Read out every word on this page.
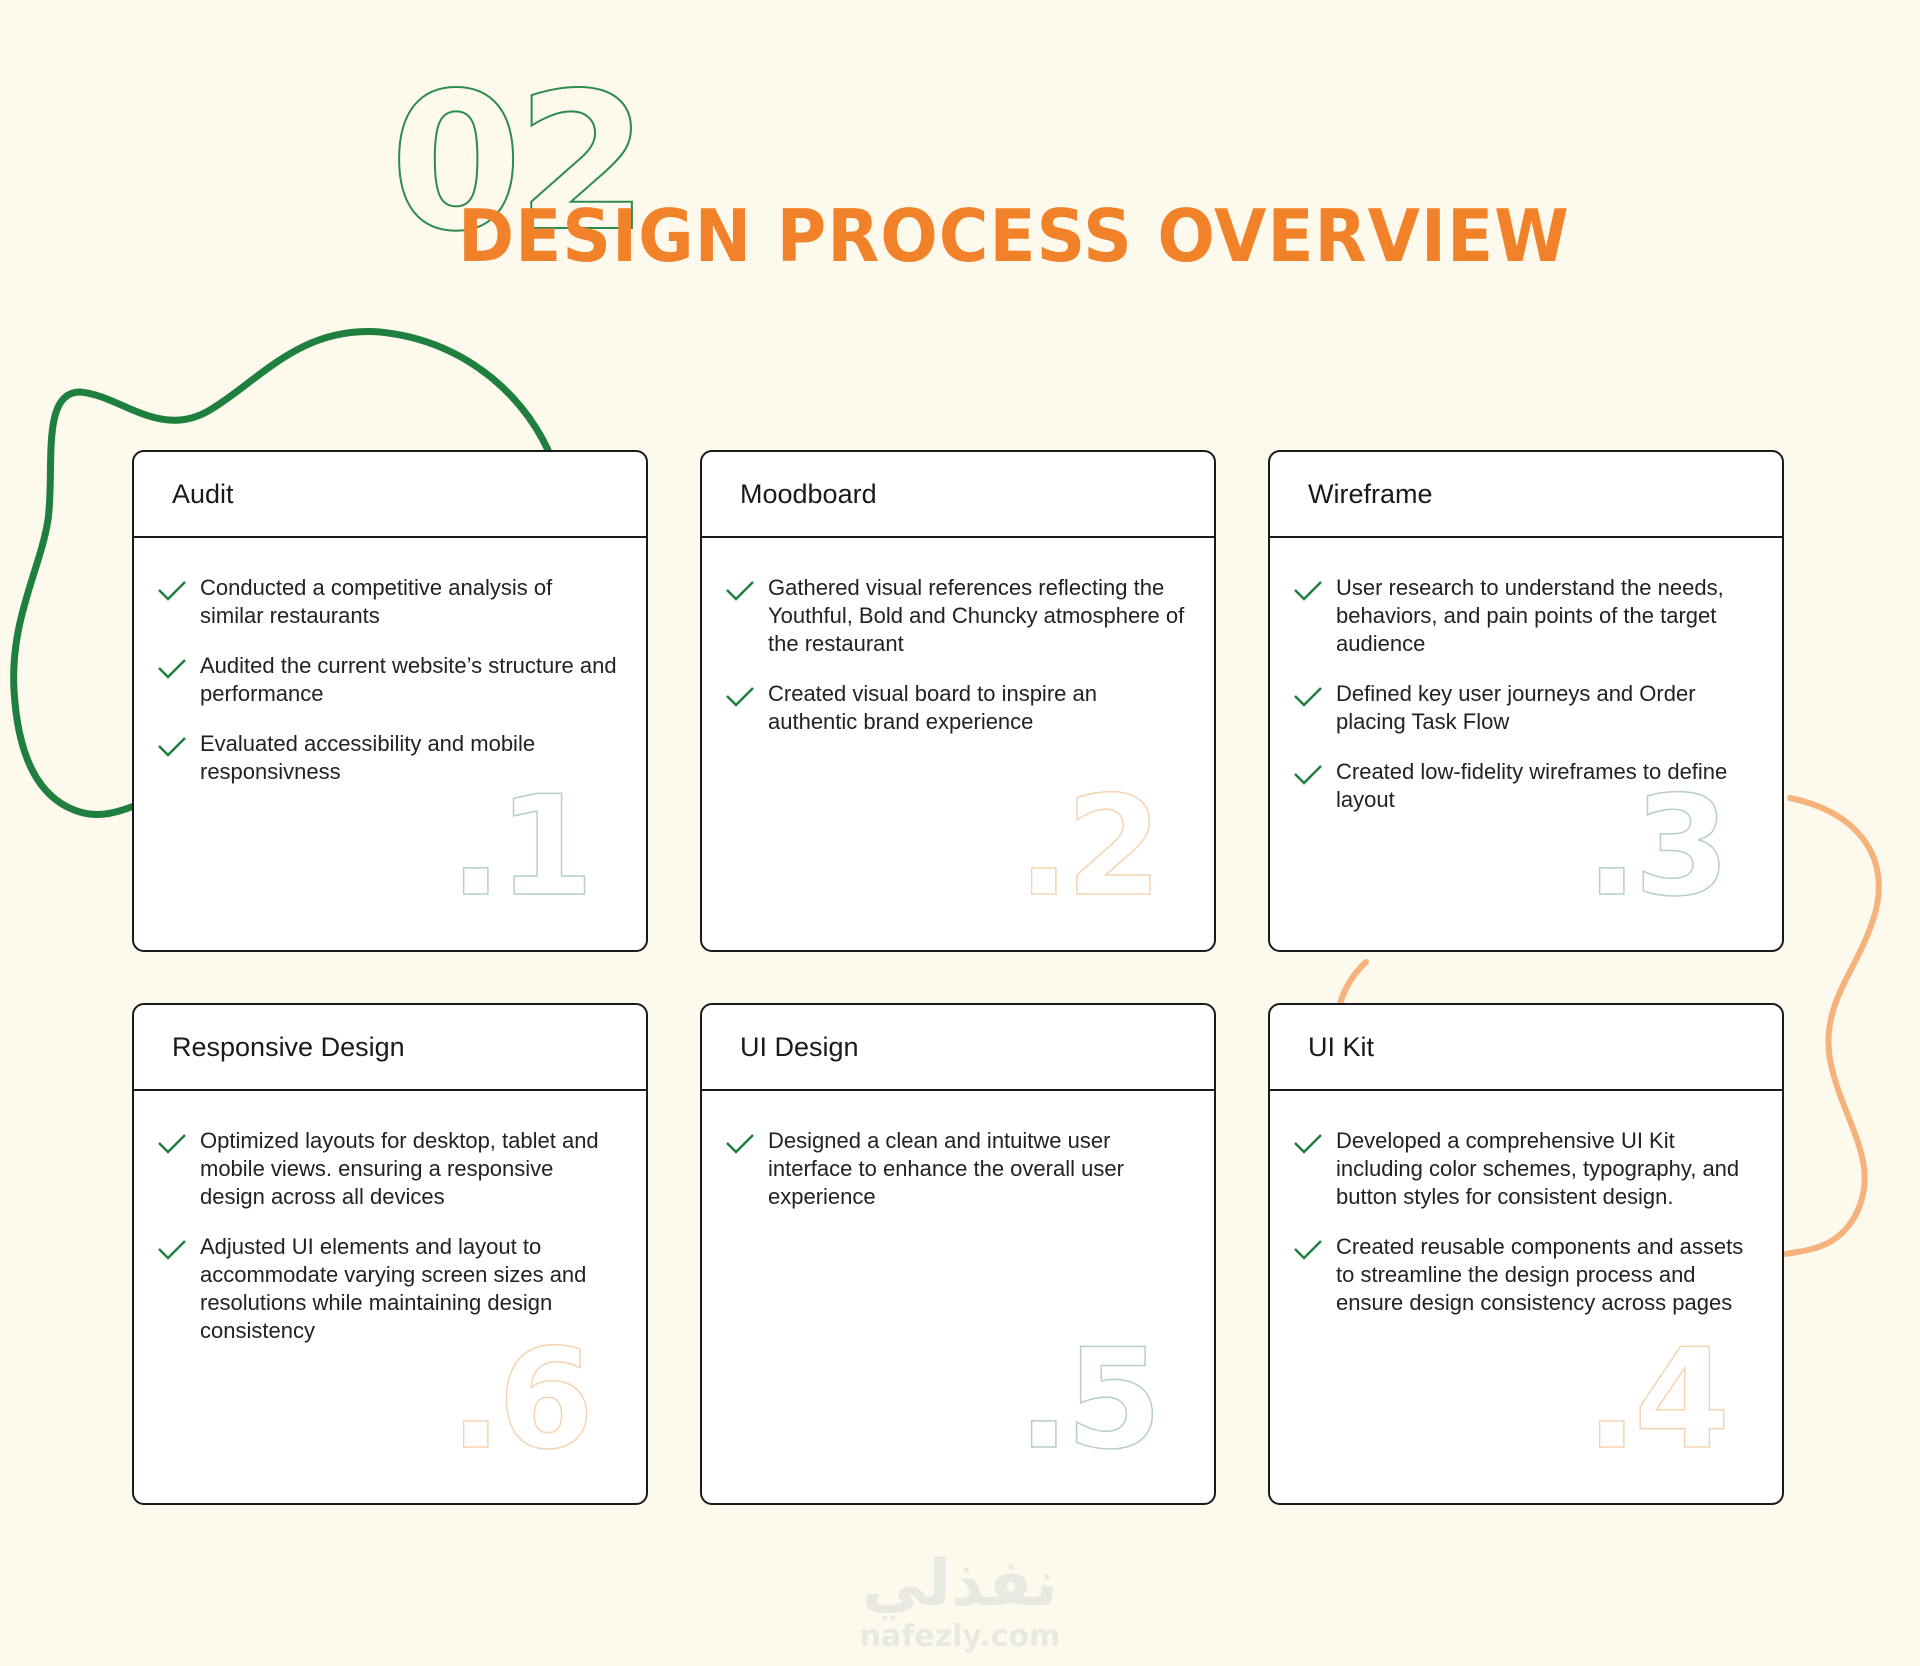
02
DESIGN PROCESS OVERVIEW
Audit
Conducted a competitive analysis of similar restaurants
Audited the current website’s structure and performance
Evaluated accessibility and mobile responsivness .1
Moodboard
Gathered visual references reflecting the Youthful, Bold and Chuncky atmosphere of the restaurant
Created visual board to inspire an authentic brand experience
.2
Wireframe
User research to understand the needs, behaviors, and pain points of the target audience
Defined key user journeys and Order placing Task Flow
Created low-fidelity wireframes to define layout	.3
Responsive Design
Optimized layouts for desktop, tablet and mobile views. ensuring a responsive design across all devices
Adjusted UI elements and layout to accommodate varying screen sizes and resolutions while maintaining design consistency .6
UI Design
Designed a clean and intuitwe user interface to enhance the overall user experience
.5
UI Kit
Developed a comprehensive UI Kit including color schemes, typography, and button styles for consistent design.
Created reusable components and assets to streamline the design process and ensure design consistency across pages
.4
نفذلي
nafezly.com
